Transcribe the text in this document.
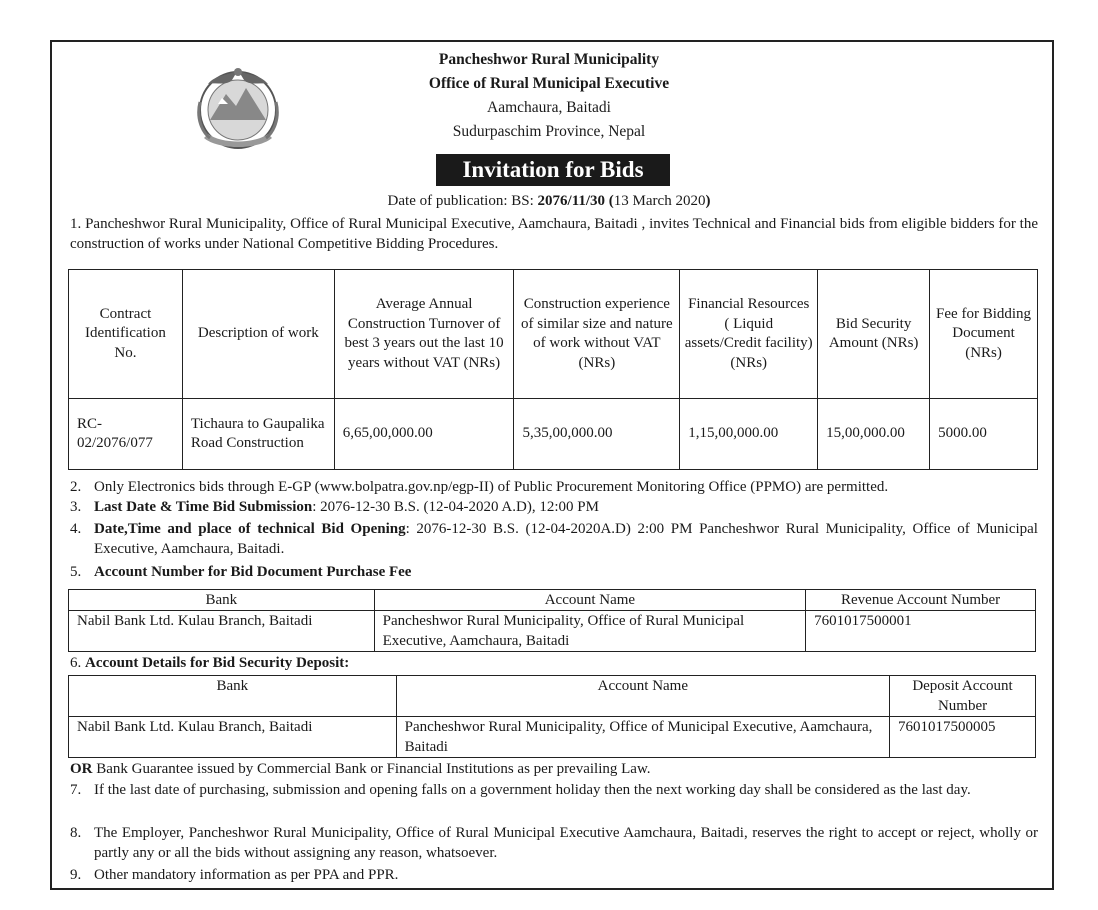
Pancheshwor Rural Municipality
Office of Rural Municipal Executive
Aamchaura, Baitadi
Sudurpaschim Province, Nepal
Invitation for Bids
Date of publication: BS: 2076/11/30 (13 March 2020)
1. Pancheshwor Rural Municipality, Office of Rural Municipal Executive, Aamchaura, Baitadi , invites Technical and Financial bids from eligible bidders for the construction of works under National Competitive Bidding Procedures.
Contract Identification No.	Description of work	Average Annual Construction Turnover of best 3 years out the last 10 years without VAT (NRs)	Construction experience of similar size and nature of work without VAT (NRs)	Financial Resources ( Liquid assets/Credit facility) (NRs)	Bid Security Amount (NRs)	Fee for Bidding Document (NRs)
RC-02/2076/077	Tichaura to Gaupalika Road Construction	6,65,00,000.00	5,35,00,000.00	1,15,00,000.00	15,00,000.00	5000.00
2. Only Electronics bids through E-GP (www.bolpatra.gov.np/egp-II) of Public Procurement Monitoring Office (PPMO) are permitted.
3. Last Date & Time Bid Submission: 2076-12-30 B.S. (12-04-2020 A.D), 12:00 PM
4. Date,Time and place of technical Bid Opening: 2076-12-30 B.S. (12-04-2020A.D) 2:00 PM Pancheshwor Rural Municipality, Office of Municipal Executive, Aamchaura, Baitadi.
5. Account Number for Bid Document Purchase Fee
Bank	Account Name	Revenue Account Number
Nabil Bank Ltd. Kulau Branch, Baitadi	Pancheshwor Rural Municipality, Office of Rural Municipal Executive, Aamchaura, Baitadi	7601017500001
6. Account Details for Bid Security Deposit:
Bank	Account Name	Deposit Account Number
Nabil Bank Ltd. Kulau Branch, Baitadi	Pancheshwor Rural Municipality, Office of Municipal Executive, Aamchaura, Baitadi	7601017500005
OR Bank Guarantee issued by Commercial Bank or Financial Institutions as per prevailing Law.
7. If the last date of purchasing, submission and opening falls on a government holiday then the next working day shall be considered as the last day.
8. The Employer, Pancheshwor Rural Municipality, Office of Rural Municipal Executive Aamchaura, Baitadi, reserves the right to accept or reject, wholly or partly any or all the bids without assigning any reason, whatsoever.
9. Other mandatory information as per PPA and PPR.
